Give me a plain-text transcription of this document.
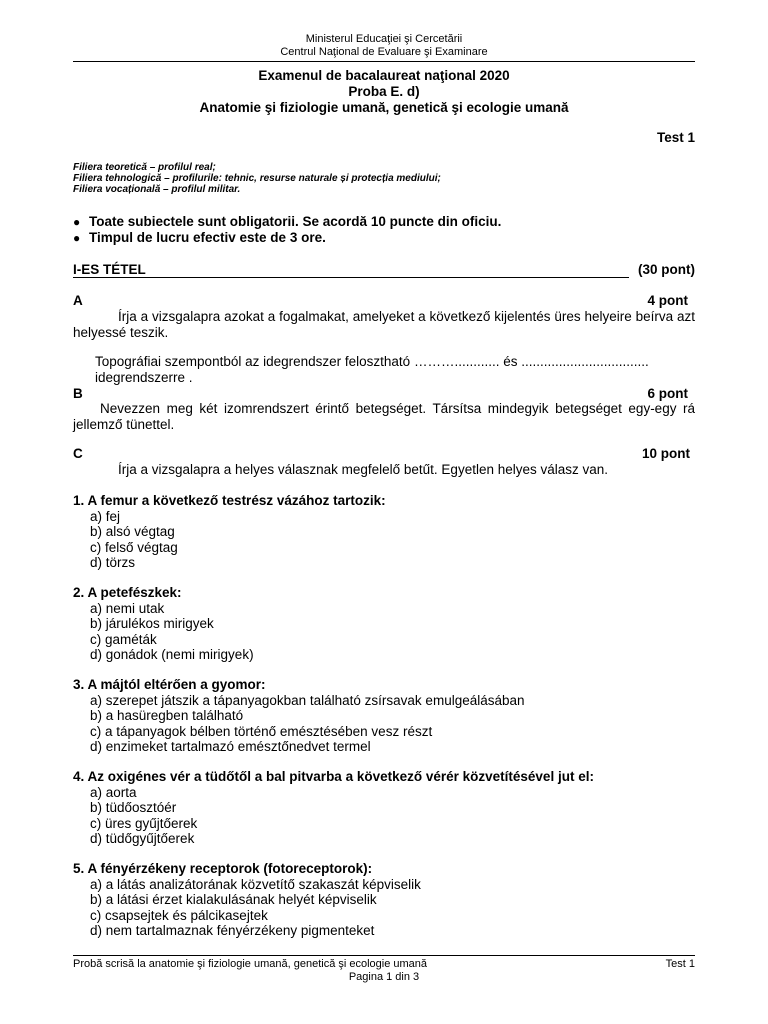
Ministerul Educaţiei şi Cercetării
Centrul Naţional de Evaluare şi Examinare
Examenul de bacalaureat naţional 2020
Proba E. d)
Anatomie şi fiziologie umană, genetică şi ecologie umană
Test 1
Filiera teoretică – profilul real;
Filiera tehnologică – profilurile: tehnic, resurse naturale și protecția mediului;
Filiera vocațională – profilul militar.
● Toate subiectele sunt obligatorii. Se acordă 10 puncte din oficiu.
● Timpul de lucru efectiv este de 3 ore.
I-ES TÉTEL	(30 pont)
A	4 pont
Írja a vizsgalapra azokat a fogalmakat, amelyeket a következő kijelentés üres helyeire beírva azt helyessé teszik.
Topográfiai szempontból az idegrendszer felosztható ………............ és ..................................
idegrendszerre .
B	6 pont
Nevezzen meg két izomrendszert érintő betegséget. Társítsa mindegyik betegséget egy-egy rá jellemző tünettel.
C	10 pont
Írja a vizsgalapra a helyes válasznak megfelelő betűt. Egyetlen helyes válasz van.
1. A femur a következő testrész vázához tartozik:
a) fej
b) alsó végtag
c) felső végtag
d) törzs
2. A petefészkek:
a) nemi utak
b) járulékos mirigyek
c) gaméták
d) gonádok (nemi mirigyek)
3. A májtól eltérően a gyomor:
a) szerepet játszik a tápanyagokban található zsírsavak emulgeálásában
b) a hasüregben található
c) a tápanyagok bélben történő emésztésében vesz részt
d) enzimeket tartalmazó emésztőnedvet termel
4. Az oxigénes vér a tüdőtől a bal pitvarba a következő vérér közvetítésével jut el:
a) aorta
b) tüdőosztóér
c) üres gyűjtőerek
d) tüdőgyűjtőerek
5. A fényérzékeny receptorok (fotoreceptorok):
a) a látás analizátorának közvetítő szakaszát képviselik
b) a látási érzet kialakulásának helyét képviselik
c) csapsejtek és pálcikasejtek
d) nem tartalmaznak fényérzékeny pigmenteket
Probă scrisă la anatomie şi fiziologie umană, genetică şi ecologie umană	Test 1
Pagina 1 din 3
